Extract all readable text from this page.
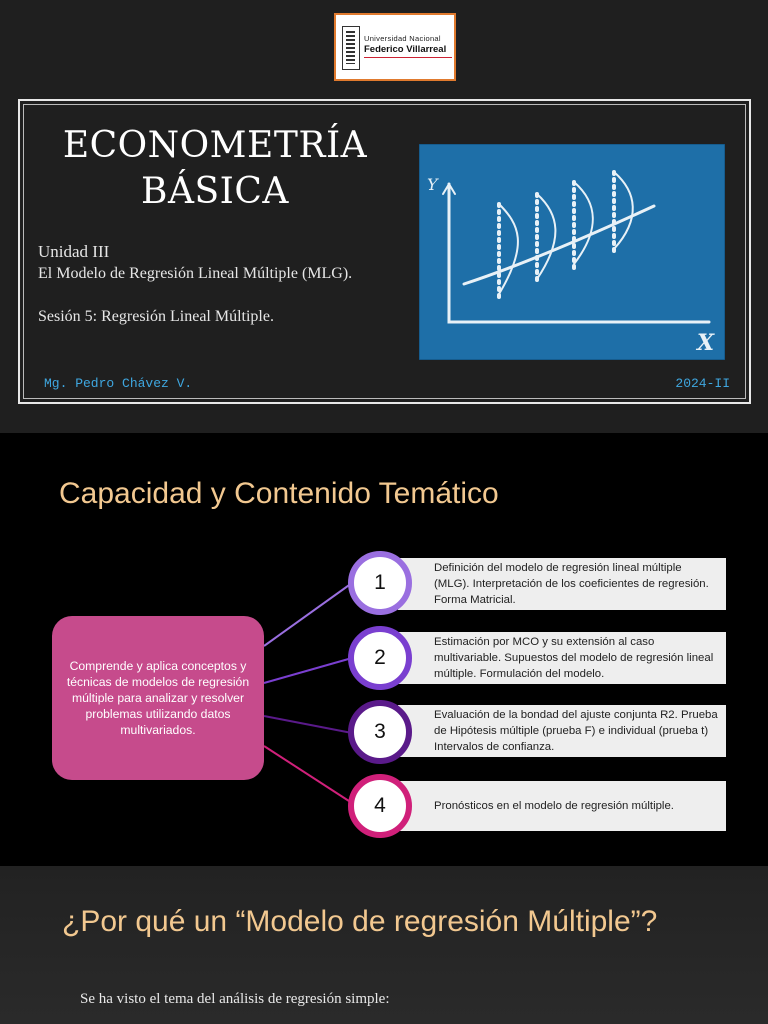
Universidad Nacional
Federico Villarreal
ECONOMETRÍA
BÁSICA
Unidad III
El Modelo de Regresión Lineal Múltiple (MLG).
Sesión 5: Regresión Lineal Múltiple.
Mg. Pedro Chávez V.	2024-II
Y
X
Capacidad y Contenido Temático
Comprende y aplica conceptos y técnicas de modelos de regresión múltiple para analizar y resolver problemas utilizando datos multivariados.
Definición del modelo de regresión lineal múltiple (MLG). Interpretación de los coeficientes de regresión. Forma Matricial.
Estimación por MCO y su extensión al caso multivariable. Supuestos del modelo de regresión lineal múltiple. Formulación del modelo.
Evaluación de la bondad del ajuste conjunta R2. Prueba de Hipótesis múltiple (prueba F) e individual (prueba t) Intervalos de confianza.
Pronósticos en el modelo de regresión múltiple.
1
2
3
4
¿Por qué un “Modelo de regresión Múltiple”?
Se ha visto el tema del análisis de regresión simple:
